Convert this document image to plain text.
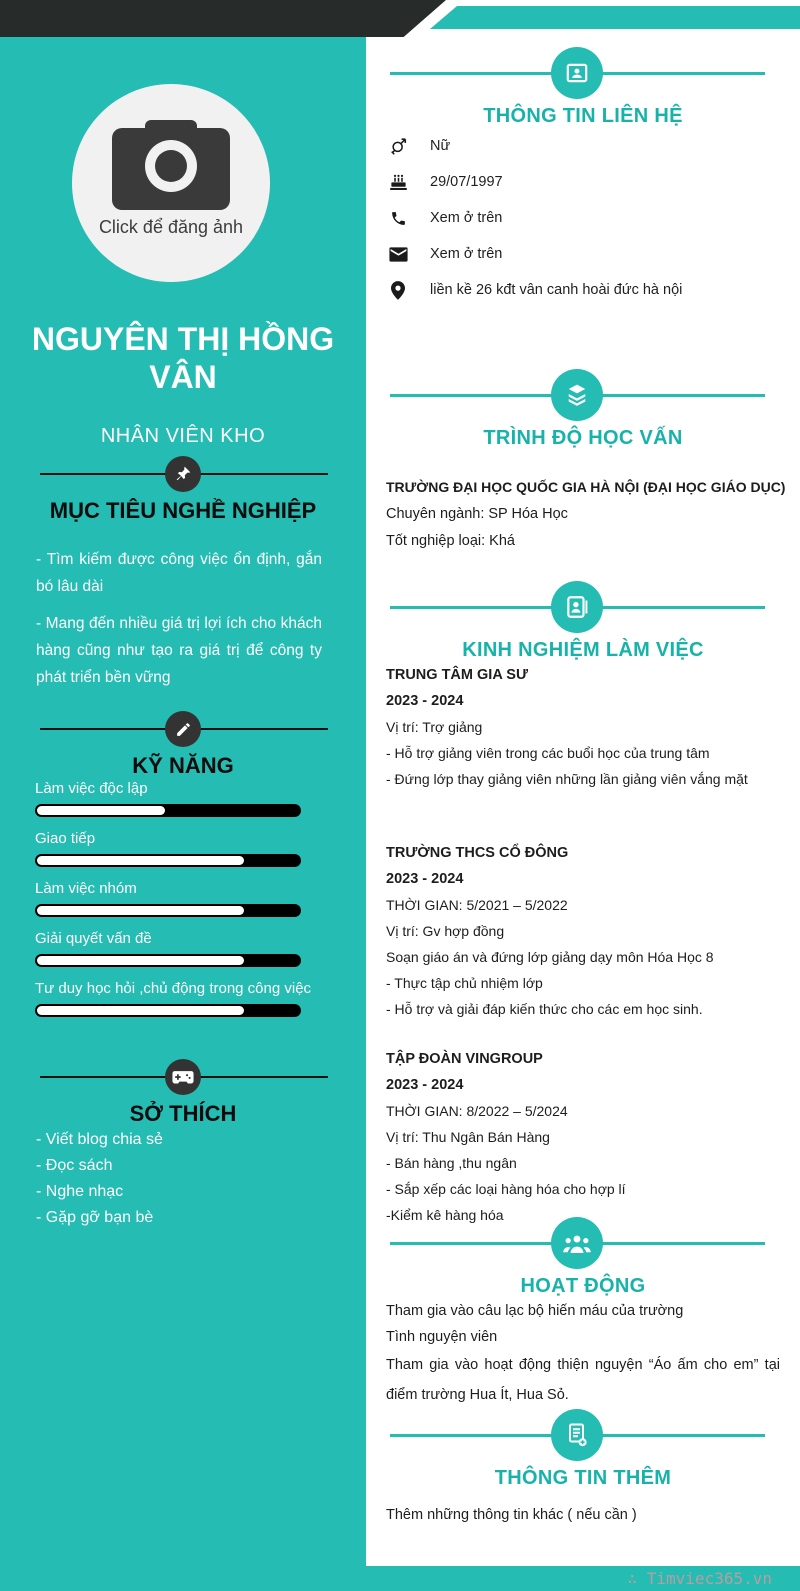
Click để đăng ảnh
NGUYÊN THỊ HỒNG VÂN
NHÂN VIÊN KHO
MỤC TIÊU NGHỀ NGHIỆP

- Tìm kiếm được công việc ổn định, gắn bó lâu dài

- Mang đến nhiều giá trị lợi ích cho khách hàng cũng như tạo ra giá trị để công ty phát triển bền vững

KỸ NĂNG
Làm việc độc lập
Giao tiếp
Làm việc nhóm
Giải quyết vấn đề
Tư duy học hỏi ,chủ động trong công việc
SỞ THÍCH
- Viết blog chia sẻ
- Đọc sách
- Nghe nhạc
- Gặp gỡ bạn bè
THÔNG TIN LIÊN HỆ
Nữ
29/07/1997
Xem ở trên
Xem ở trên
liền kề 26 kđt vân canh hoài đức hà nội
TRÌNH ĐỘ HỌC VẤN
TRƯỜNG ĐẠI HỌC QUỐC GIA HÀ NỘI (ĐẠI HỌC GIÁO DỤC)
Chuyên ngành: SP Hóa Học
Tốt nghiệp loại: Khá
KINH NGHIỆM LÀM VIỆC
TRUNG TÂM GIA SƯ
2023 - 2024
Vị trí: Trợ giảng
- Hỗ trợ giảng viên trong các buổi học của trung tâm
- Đứng lớp thay giảng viên những lần giảng viên vắng mặt
TRƯỜNG THCS CỔ ĐÔNG
2023 - 2024
THỜI GIAN: 5/2021 – 5/2022
Vị trí: Gv hợp đồng
Soạn giáo án và đứng lớp giảng dạy môn Hóa Học 8
- Thực tập chủ nhiệm lớp
- Hỗ trợ và giải đáp kiến thức cho các em học sinh.
TẬP ĐOÀN VINGROUP
2023 - 2024
THỜI GIAN: 8/2022 – 5/2024
Vị trí: Thu Ngân Bán Hàng
- Bán hàng ,thu ngân
- Sắp xếp các loại hàng hóa cho hợp lí
-Kiểm kê hàng hóa
HOẠT ĐỘNG
Tham gia vào câu lạc bộ hiến máu của trường
Tình nguyện viên

Tham gia vào hoạt động thiện nguyện “Áo ấm cho em” tại điểm trường Hua Ít, Hua Sỏ.

THÔNG TIN THÊM
Thêm những thông tin khác ( nếu cần )
∴ Timviec365.vn
